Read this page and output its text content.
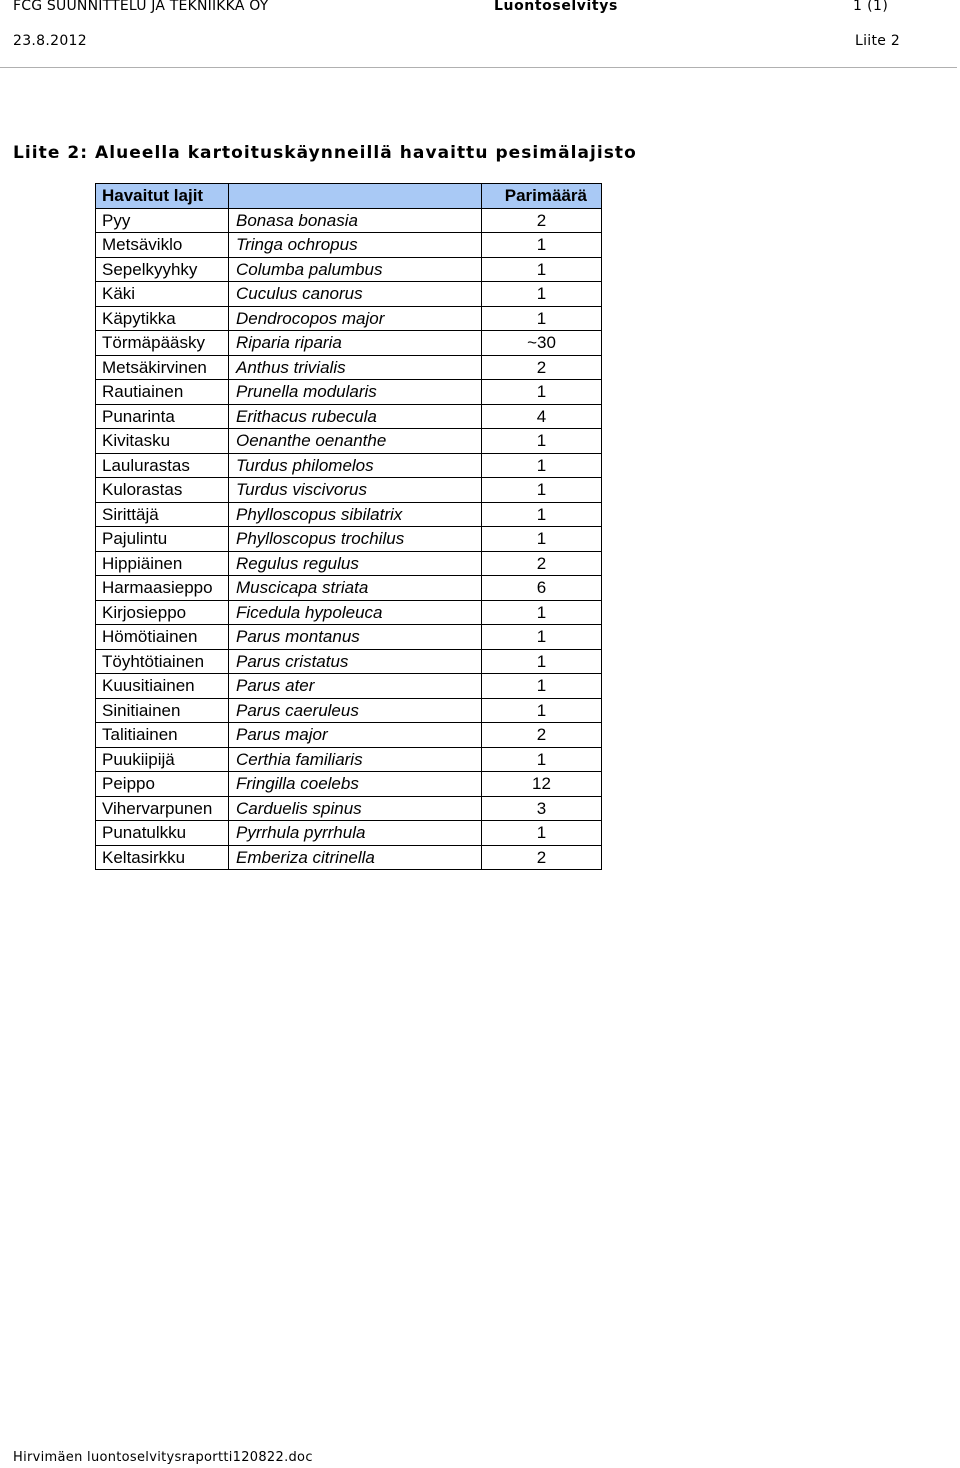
FCG SUUNNITTELU JA TEKNIIKKA OY	Luontoselvitys	1 (1)
23.8.2012	Liite 2
Liite 2: Alueella kartoituskäynneillä havaittu pesimälajisto
Havaitut lajit		Parimäärä
Pyy	Bonasa bonasia	2
Metsäviklo	Tringa ochropus	1
Sepelkyyhky	Columba palumbus	1
Käki	Cuculus canorus	1
Käpytikka	Dendrocopos major	1
Törmäpääsky	Riparia riparia	~30
Metsäkirvinen	Anthus trivialis	2
Rautiainen	Prunella modularis	1
Punarinta	Erithacus rubecula	4
Kivitasku	Oenanthe oenanthe	1
Laulurastas	Turdus philomelos	1
Kulorastas	Turdus viscivorus	1
Sirittäjä	Phylloscopus sibilatrix	1
Pajulintu	Phylloscopus trochilus	1
Hippiäinen	Regulus regulus	2
Harmaasieppo	Muscicapa striata	6
Kirjosieppo	Ficedula hypoleuca	1
Hömötiainen	Parus montanus	1
Töyhtötiainen	Parus cristatus	1
Kuusitiainen	Parus ater	1
Sinitiainen	Parus caeruleus	1
Talitiainen	Parus major	2
Puukiipijä	Certhia familiaris	1
Peippo	Fringilla coelebs	12
Vihervarpunen	Carduelis spinus	3
Punatulkku	Pyrrhula pyrrhula	1
Keltasirkku	Emberiza citrinella	2
Hirvimäen luontoselvitysraportti120822.doc
